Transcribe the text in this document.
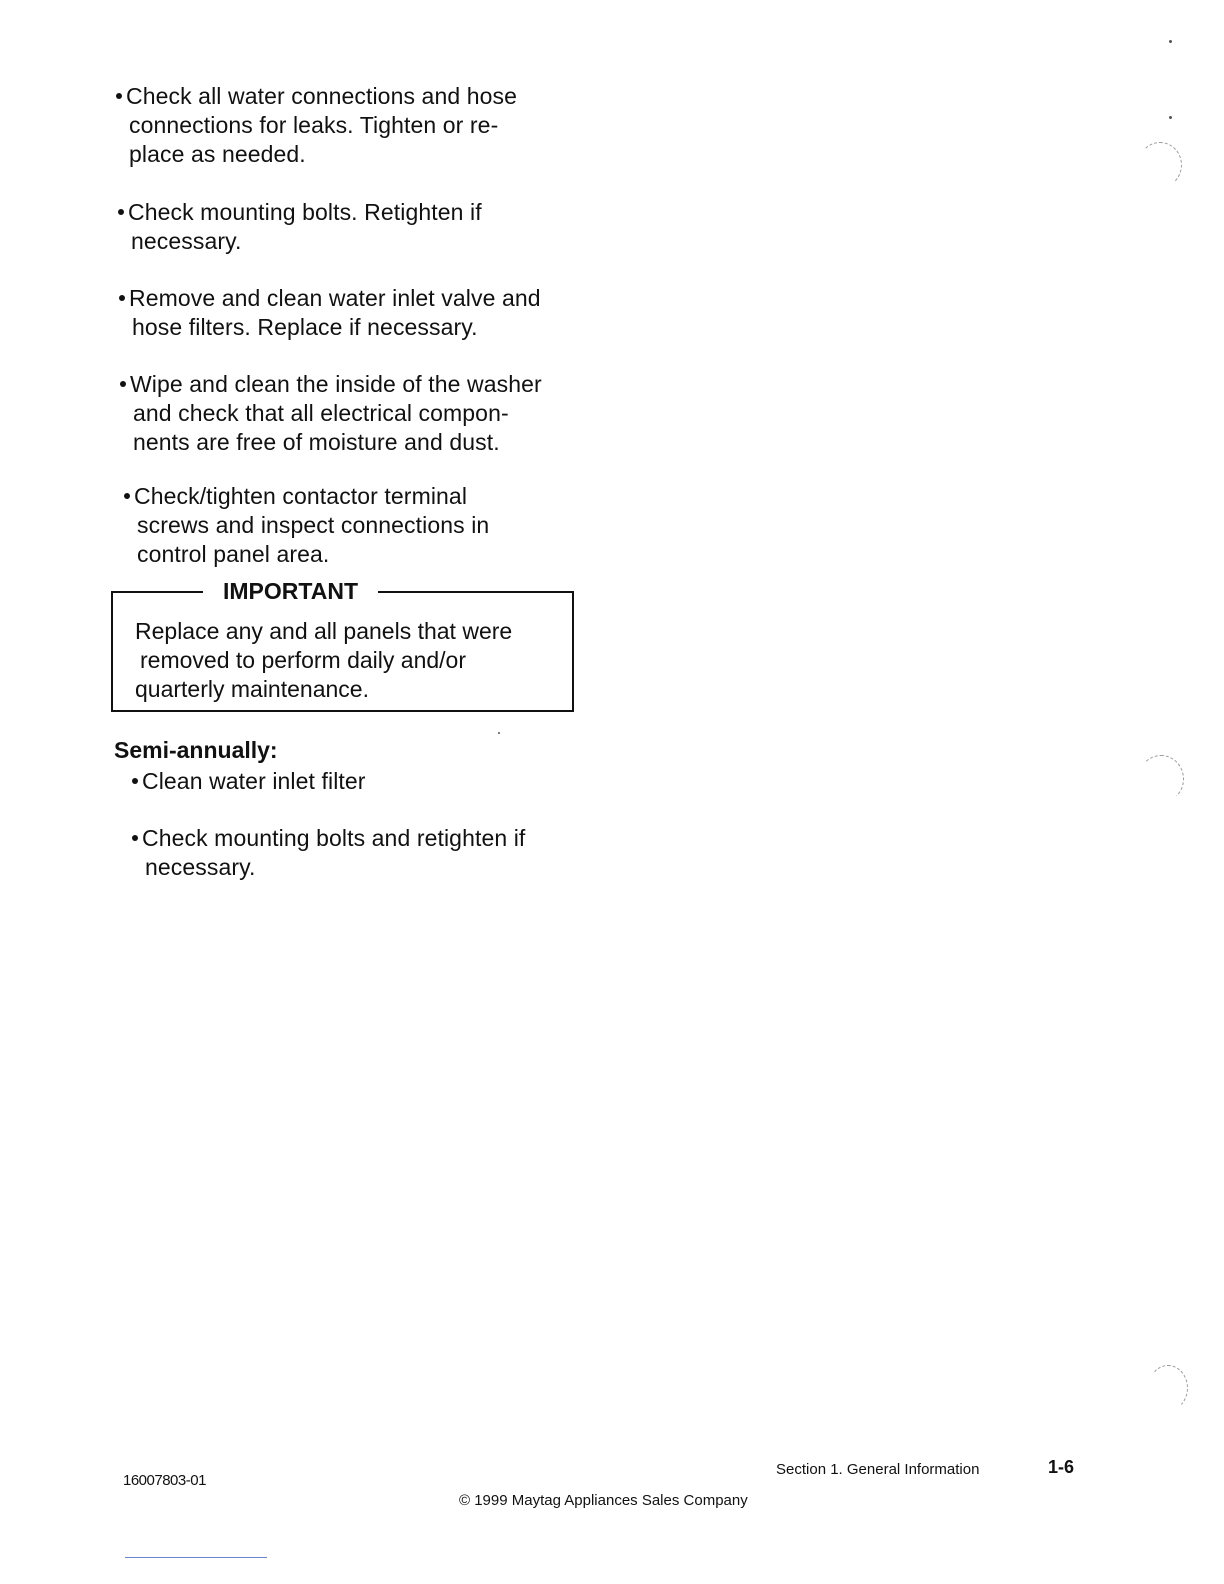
Check all water connections and hose
connections for leaks. Tighten or re-
place as needed.
Check mounting bolts. Retighten if
necessary.
Remove and clean water inlet valve and
hose filters. Replace if necessary.
Wipe and clean the inside of the washer
and check that all electrical compon-
nents are free of moisture and dust.
Check/tighten contactor terminal
screws and inspect connections in
control panel area.
IMPORTANT
Replace any and all panels that were
removed to perform daily and/or
quarterly maintenance.
Semi-annually:
Clean water inlet filter
Check mounting bolts and retighten if
necessary.
16007803-01
Section 1. General Information	1-6
© 1999 Maytag Appliances Sales Company
